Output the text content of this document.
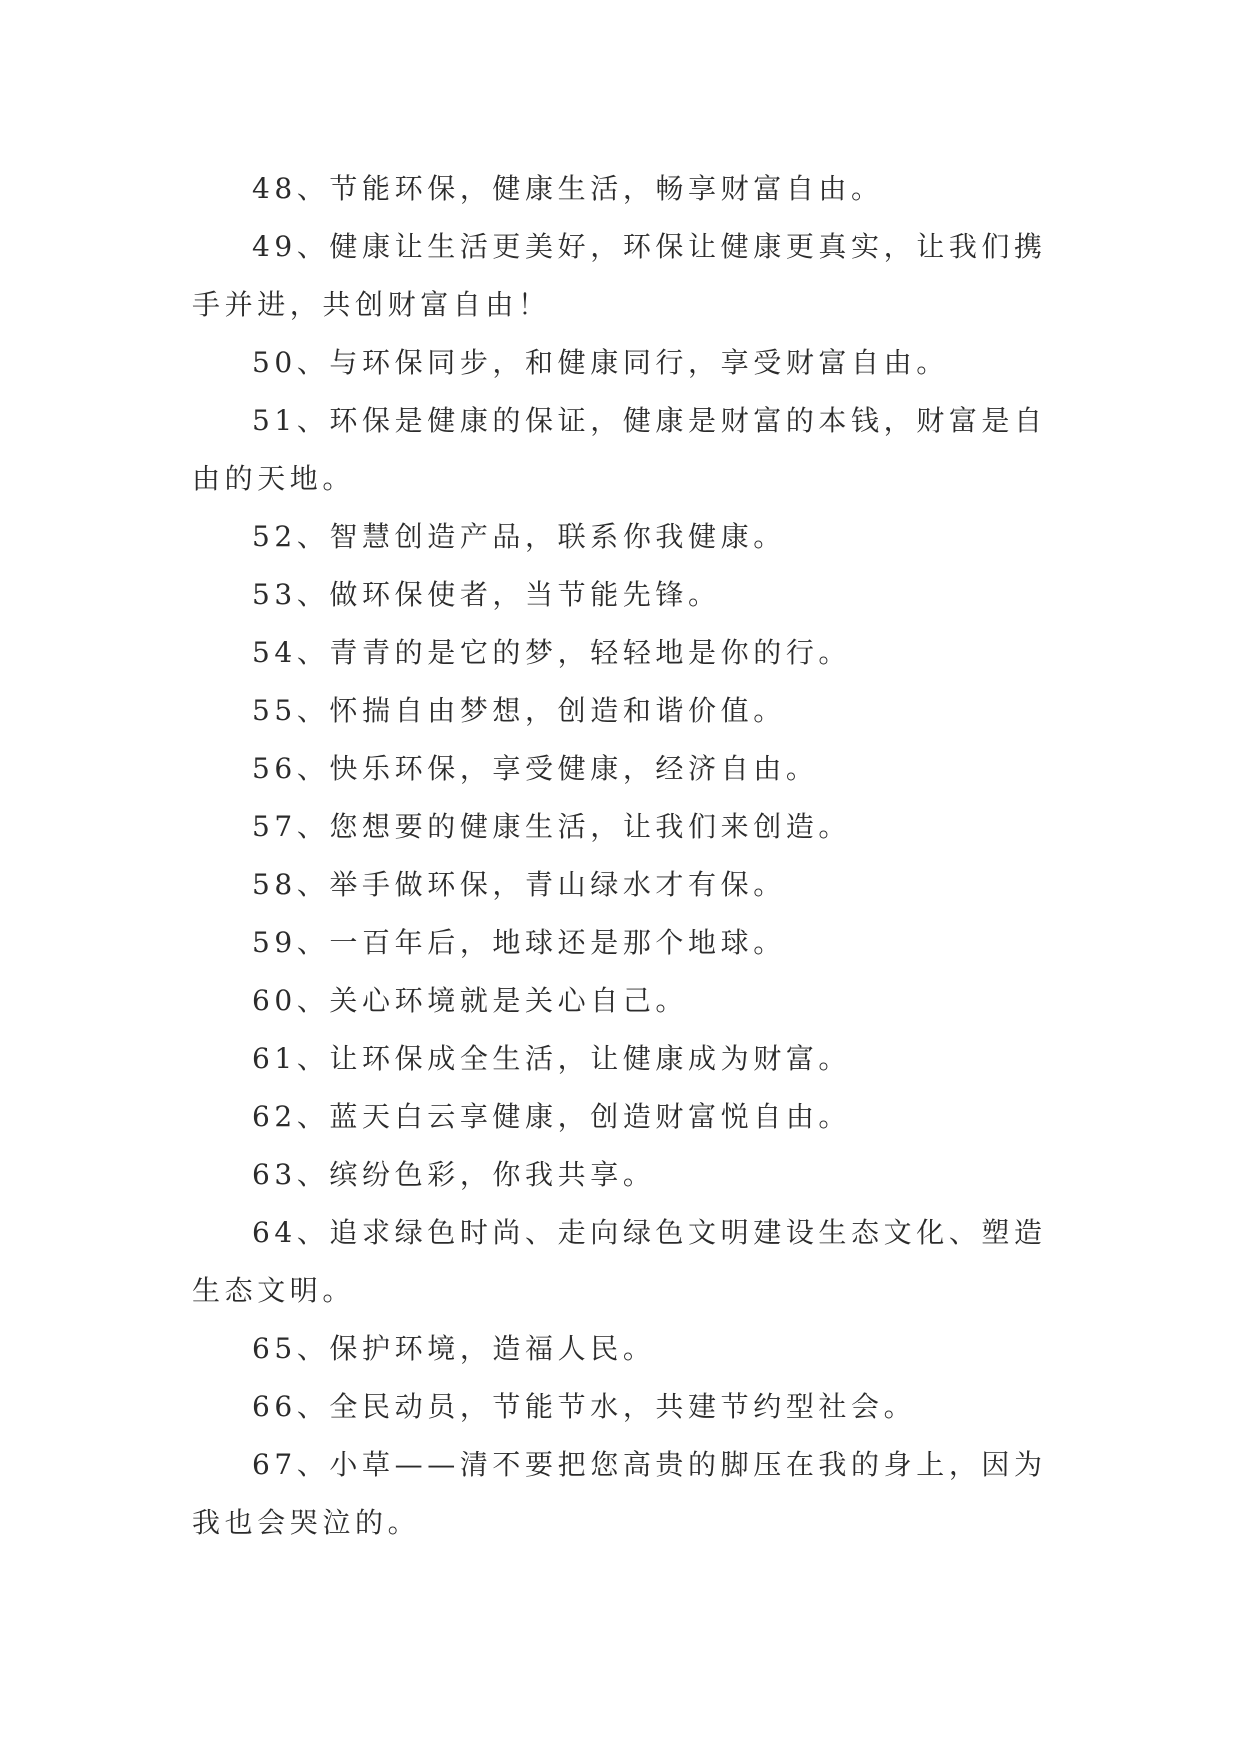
48、节能环保，健康生活，畅享财富自由。

49、健康让生活更美好，环保让健康更真实，让我们携手并进，共创财富自由！

50、与环保同步，和健康同行，享受财富自由。

51、环保是健康的保证，健康是财富的本钱，财富是自由的天地。

52、智慧创造产品，联系你我健康。

53、做环保使者，当节能先锋。

54、青青的是它的梦，轻轻地是你的行。

55、怀揣自由梦想，创造和谐价值。

56、快乐环保，享受健康，经济自由。

57、您想要的健康生活，让我们来创造。

58、举手做环保，青山绿水才有保。

59、一百年后，地球还是那个地球。

60、关心环境就是关心自己。

61、让环保成全生活，让健康成为财富。

62、蓝天白云享健康，创造财富悦自由。

63、缤纷色彩，你我共享。

64、追求绿色时尚、走向绿色文明建设生态文化、塑造生态文明。

65、保护环境，造福人民。

66、全民动员，节能节水，共建节约型社会。

67、小草——清不要把您高贵的脚压在我的身上，因为我也会哭泣的。
